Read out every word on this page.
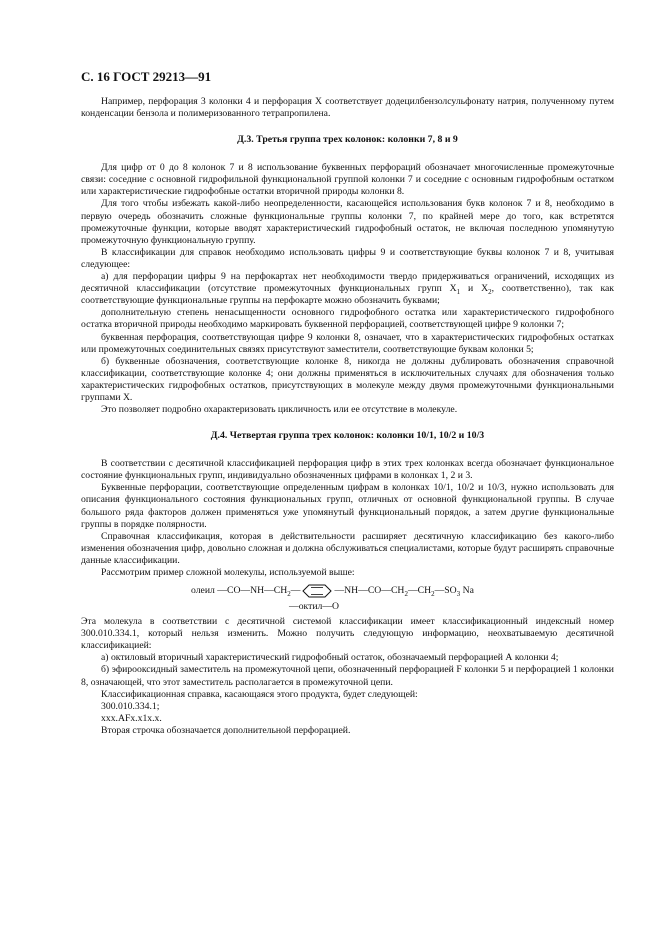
С. 16 ГОСТ 29213—91

Например, перфорация 3 колонки 4 и перфорация X соответствует додецилбензолсульфонату натрия, полученному путем конденсации бензола и полимеризованного тетрапропилена.

Д.3. Третья группа трех колонок: колонки 7, 8 и 9

Для цифр от 0 до 8 колонок 7 и 8 использование буквенных перфораций обозначает многочисленные промежуточные связи: соседние с основной гидрофильной функциональной группой колонки 7 и соседние с основным гидрофобным остатком или характеристические гидрофобные остатки вторичной природы колонки 8.

Для того чтобы избежать какой-либо неопределенности, касающейся использования букв колонок 7 и 8, необходимо в первую очередь обозначить сложные функциональные группы колонки 7, по крайней мере до того, как встретятся промежуточные функции, которые вводят характеристический гидрофобный остаток, не включая последнюю упомянутую промежуточную функциональную группу.

В классификации для справок необходимо использовать цифры 9 и соответствующие буквы колонок 7 и 8, учитывая следующее:

а) для перфорации цифры 9 на перфокартах нет необходимости твердо придерживаться ограничений, исходящих из десятичной классификации (отсутствие промежуточных функциональных групп $X_1$ и $X_2$, соответственно), так как соответствующие функциональные группы на перфокарте можно обозначить буквами;

дополнительную степень ненасыщенности основного гидрофобного остатка или характеристического гидрофобного остатка вторичной природы необходимо маркировать буквенной перфорацией, соответствующей цифре 9 колонки 7;

буквенная перфорация, соответствующая цифре 9 колонки 8, означает, что в характеристических гидрофобных остатках или промежуточных соединительных связях присутствуют заместители, соответствующие буквам колонки 5;

б) буквенные обозначения, соответствующие колонке 8, никогда не должны дублировать обозначения справочной классификации, соответствующие колонке 4; они должны применяться в исключительных случаях для обозначения только характеристических гидрофобных остатков, присутствующих в молекуле между двумя промежуточными функциональными группами X.

Это позволяет подробно охарактеризовать цикличность или ее отсутствие в молекуле.

Д.4. Четвертая группа трех колонок: колонки 10/1, 10/2 и 10/3

В соответствии с десятичной классификацией перфорация цифр в этих трех колонках всегда обозначает функциональное состояние функциональных групп, индивидуально обозначенных цифрами в колонках 1, 2 и 3.

Буквенные перфорации, соответствующие определенным цифрам в колонках 10/1, 10/2 и 10/3, нужно использовать для описания функционального состояния функциональных групп, отличных от основной функциональной группы. В случае большого ряда факторов должен применяться уже упомянутый функциональный порядок, а затем другие функциональные группы в порядке полярности.

Справочная классификация, которая в действительности расширяет десятичную классификацию без какого-либо изменения обозначения цифр, довольно сложная и должна обслуживаться специалистами, которые будут расширять справочные данные классификации.

Рассмотрим пример сложной молекулы, используемой выше:

олеил $—CO—NH—CH_2—$	$—NH—CO—CH_2—CH_2—SO_3$ Na
—октил—O

Эта молекула в соответствии с десятичной системой классификации имеет классификационный индексный номер 300.010.334.1, который нельзя изменить. Можно получить следующую информацию, неохватываемую десятичной классификацией:

а) октиловый вторичный характеристический гидрофобный остаток, обозначаемый перфорацией А колонки 4;

б) эфирооксидный заместитель на промежуточной цепи, обозначенный перфорацией F колонки 5 и перфорацией 1 колонки 8, означающей, что этот заместитель располагается в промежуточной цепи.

Классификационная справка, касающаяся этого продукта, будет следующей:

300.010.334.1;

ххх.АFх.х1х.х.

Вторая строчка обозначается дополнительной перфорацией.
